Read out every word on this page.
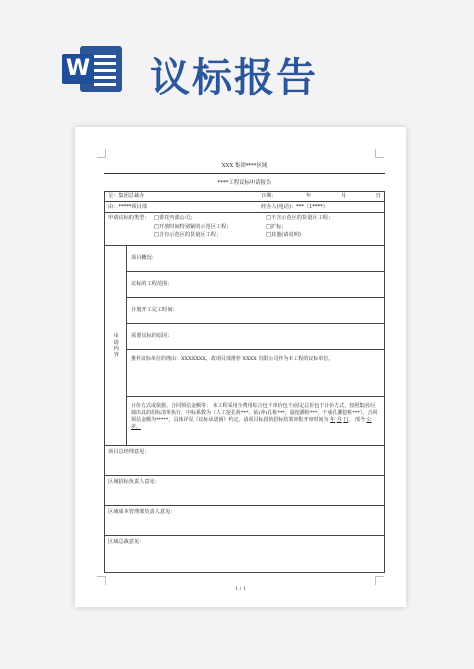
W 议标报告
XXX 集团****区域
****工程议标申请报告
呈：集团总裁办	日期：	年	月	日
由：*****项目部	经办人(电话)：***（1****）

申请议标的类型： □委托内部公司；	□不含示范区的货量区工程；
□开放时间特别紧的示范区工程；	□扩标；
□含有示范区的货量区工程；	□其他(请说明)

申请内容
	项目概况：
议标的工程范围：
计划开工完工时间：
需要议标的原因：
推荐议标单位的理由：XXXXXXX，故项目部推荐 XXXX 有限公司作为本工程的议标单位。
计价方式或依据、合同预估金额等： 本工程采用全费用综合包干单价包干/固定总价包干计价方式，按照集团/区域出具的招标清单执行，中标系数为（人工挖孔桩***，钻(冲)孔桩***，旋挖灌桩***，干成孔灌挖桩***），合同预估金额为*****，具体详见《议标承诺函》约定。请项目标段的招标结果审批开审时间为 年 月 日， 部今 公差。
项目总经理意见：
区域招标负责人意见：
区域成本管理部负责人意见：
区域总裁意见：
1 / 1
